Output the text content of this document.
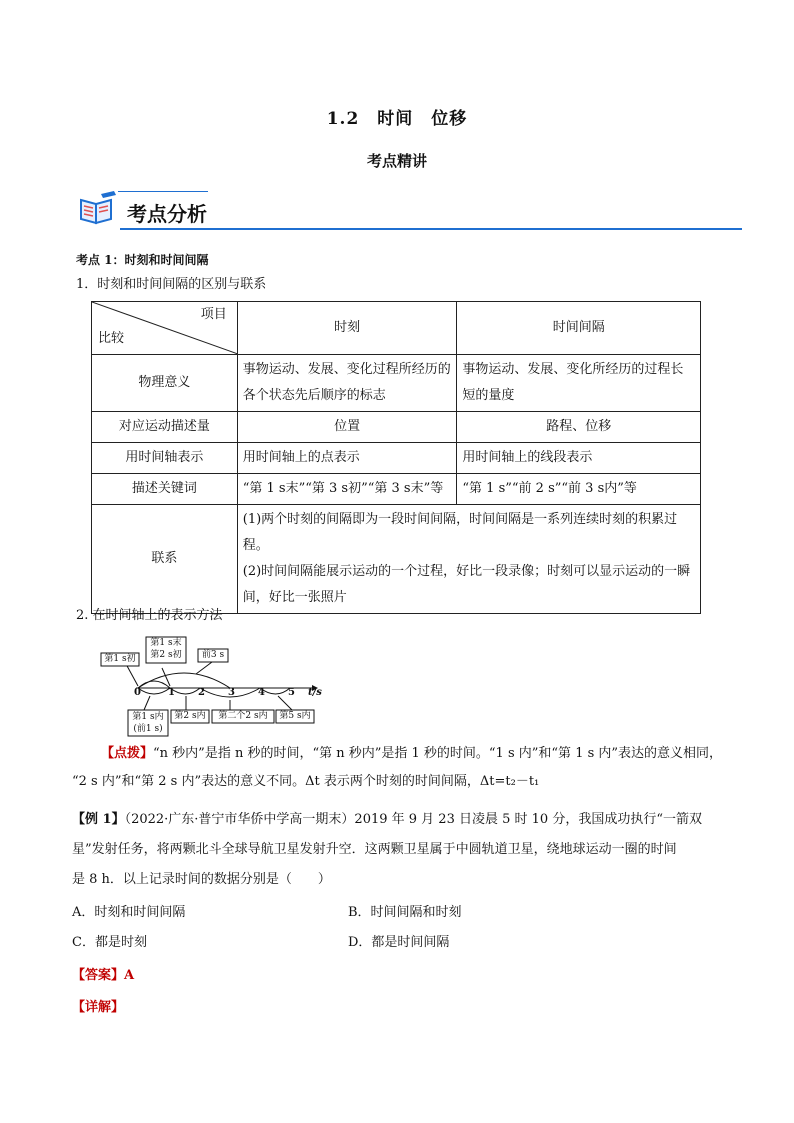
1.2　时间　位移
考点精讲
考点分析
考点 1：时刻和时间间隔
1．时刻和时间间隔的区别与联系
项目
比较	时刻	时间间隔
物理意义	事物运动、发展、变化过程所经历的各个状态先后顺序的标志	事物运动、发展、变化所经历的过程长短的量度
对应运动描述量	位置	路程、位移
用时间轴表示	用时间轴上的点表示	用时间轴上的线段表示
描述关键词	“第 1 s末”“第 3 s初”“第 3 s末”等	“第 1 s”“前 2 s”“前 3 s内”等
联系	(1)两个时刻的间隔即为一段时间间隔，时间间隔是一系列连续时刻的积累过程。
(2)时间间隔能展示运动的一个过程，好比一段录像；时刻可以显示运动的一瞬间，好比一张照片	
2. 在时间轴上的表示方法
第1 s初
第1 s末
第2 s初	前3 s
第1 s内
(前1 s)
第2 s内	第二个2 s内	第5 s内
0	1 2 3 4 5 t/s
【点拨】“n 秒内”是指 n 秒的时间，“第 n 秒内”是指 1 秒的时间。“1 s 内”和“第 1 s 内”表达的意义相同，
“2 s 内”和“第 2 s 内”表达的意义不同。Δt 表示两个时刻的时间间隔，Δt=t₂－t₁
【例 1】（2022·广东·普宁市华侨中学高一期末）2019 年 9 月 23 日凌晨 5 时 10 分，我国成功执行“一箭双
星”发射任务，将两颗北斗全球导航卫星发射升空．这两颗卫星属于中圆轨道卫星，绕地球运动一圈的时间
是 8 h．以上记录时间的数据分别是（　　）
A．时刻和时间间隔	B．时间间隔和时刻
C．都是时刻	D．都是时间间隔
【答案】A
【详解】
